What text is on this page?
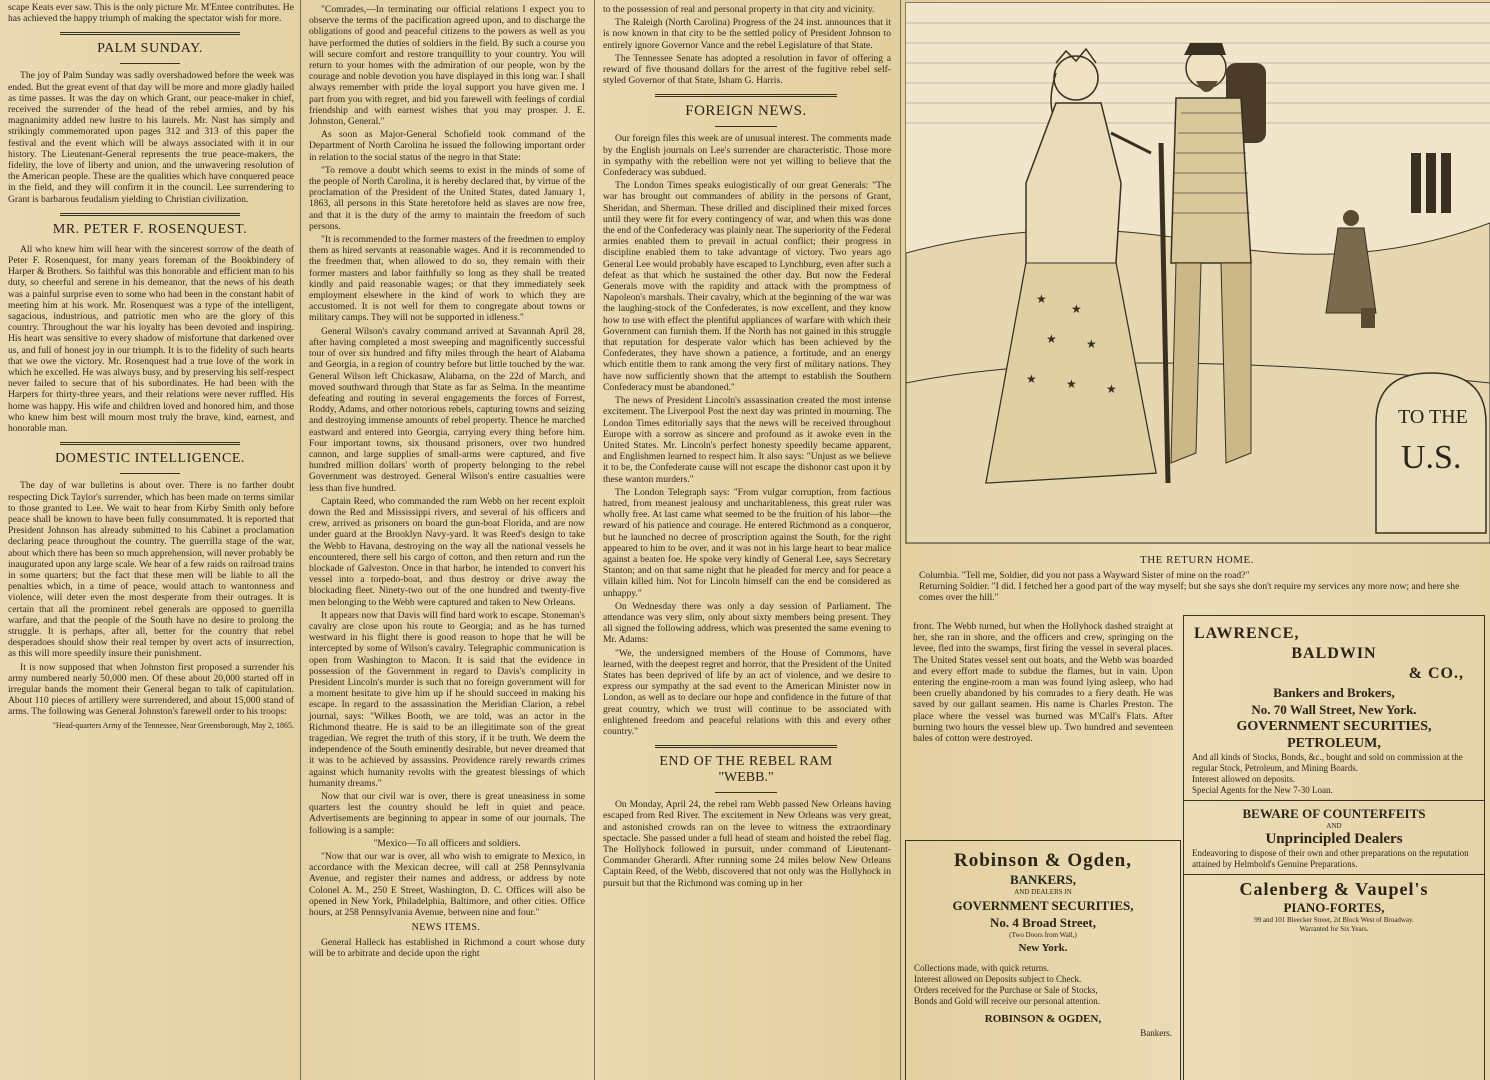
scape Keats ever saw. This is the only picture Mr. M'Entee contributes. He has achieved the happy triumph of making the spectator wish for more.

PALM SUNDAY.

The joy of Palm Sunday was sadly overshadowed before the week was ended. But the great event of that day will be more and more gladly hailed as time passes. It was the day on which Grant, our peace-maker in chief, received the surrender of the head of the rebel armies, and by his magnanimity added new lustre to his laurels. Mr. Nast has simply and strikingly commemorated upon pages 312 and 313 of this paper the festival and the event which will be always associated with it in our history. The Lieutenant-General represents the true peace-makers, the fidelity, the love of liberty and union, and the unwavering resolution of the American people. These are the qualities which have conquered peace in the field, and they will confirm it in the council. Lee surrendering to Grant is barbarous feudalism yielding to Christian civilization.

MR. PETER F. ROSENQUEST.

All who knew him will hear with the sincerest sorrow of the death of Peter F. Rosenquest, for many years foreman of the Bookbindery of Harper & Brothers. So faithful was this honorable and efficient man to his duty, so cheerful and serene in his demeanor, that the news of his death was a painful surprise even to some who had been in the constant habit of meeting him at his work. Mr. Rosenquest was a type of the intelligent, sagacious, industrious, and patriotic men who are the glory of this country. Throughout the war his loyalty has been devoted and inspiring. His heart was sensitive to every shadow of misfortune that darkened over us, and full of honest joy in our triumph. It is to the fidelity of such hearts that we owe the victory. Mr. Rosenquest had a true love of the work in which he excelled. He was always busy, and by preserving his self-respect never failed to secure that of his subordinates. He had been with the Harpers for thirty-three years, and their relations were never ruffled. His home was happy. His wife and children loved and honored him, and those who knew him best will mourn most truly the brave, kind, earnest, and honorable man.

DOMESTIC INTELLIGENCE.

The day of war bulletins is about over. There is no farther doubt respecting Dick Taylor's surrender, which has been made on terms similar to those granted to Lee. We wait to hear from Kirby Smith only before peace shall be known to have been fully consummated. It is reported that President Johnson has already submitted to his Cabinet a proclamation declaring peace throughout the country. The guerrilla stage of the war, about which there has been so much apprehension, will never probably be inaugurated upon any large scale. We hear of a few raids on railroad trains in some quarters; but the fact that these men will be liable to all the penalties which, in a time of peace, would attach to wantonness and violence, will deter even the most desperate from their outrages. It is certain that all the prominent rebel generals are opposed to guerrilla warfare, and that the people of the South have no desire to prolong the struggle. It is perhaps, after all, better for the country that rebel desperadoes should show their real temper by overt acts of insurrection, as this will more speedily insure their punishment.

It is now supposed that when Johnston first proposed a surrender his army numbered nearly 50,000 men. Of these about 20,000 started off in irregular bands the moment their General began to talk of capitulation. About 110 pieces of artillery were surrendered, and about 15,000 stand of arms. The following was General Johnston's farewell order to his troops:

"Head-quarters Army of the Tennessee, Near Greensborough, May 2, 1865.

"Comrades,—In terminating our official relations I expect you to observe the terms of the pacification agreed upon, and to discharge the obligations of good and peaceful citizens to the powers as well as you have performed the duties of soldiers in the field. By such a course you will secure comfort and restore tranquillity to your country. You will return to your homes with the admiration of our people, won by the courage and noble devotion you have displayed in this long war. I shall always remember with pride the loyal support you have given me. I part from you with regret, and bid you farewell with feelings of cordial friendship and with earnest wishes that you may prosper. J. E. Johnston, General."

As soon as Major-General Schofield took command of the Department of North Carolina he issued the following important order in relation to the social status of the negro in that State:

"To remove a doubt which seems to exist in the minds of some of the people of North Carolina, it is hereby declared that, by virtue of the proclamation of the President of the United States, dated January 1, 1863, all persons in this State heretofore held as slaves are now free, and that it is the duty of the army to maintain the freedom of such persons.

"It is recommended to the former masters of the freedmen to employ them as hired servants at reasonable wages. And it is recommended to the freedmen that, when allowed to do so, they remain with their former masters and labor faithfully so long as they shall be treated kindly and paid reasonable wages; or that they immediately seek employment elsewhere in the kind of work to which they are accustomed. It is not well for them to congregate about towns or military camps. They will not be supported in idleness."

General Wilson's cavalry command arrived at Savannah April 28, after having completed a most sweeping and magnificently successful tour of over six hundred and fifty miles through the heart of Alabama and Georgia, in a region of country before but little touched by the war. General Wilson left Chickasaw, Alabama, on the 22d of March, and moved southward through that State as far as Selma. In the meantime defeating and routing in several engagements the forces of Forrest, Roddy, Adams, and other notorious rebels, capturing towns and seizing and destroying immense amounts of rebel property. Thence he marched eastward and entered into Georgia, carrying every thing before him. Four important towns, six thousand prisoners, over two hundred cannon, and large supplies of small-arms were captured, and five hundred million dollars' worth of property belonging to the rebel Government was destroyed. General Wilson's entire casualties were less than five hundred.

Captain Reed, who commanded the ram Webb on her recent exploit down the Red and Mississippi rivers, and several of his officers and crew, arrived as prisoners on board the gun-boat Florida, and are now under guard at the Brooklyn Navy-yard. It was Reed's design to take the Webb to Havana, destroying on the way all the national vessels he encountered, there sell his cargo of cotton, and then return and run the blockade of Galveston. Once in that harbor, he intended to convert his vessel into a torpedo-boat, and thus destroy or drive away the blockading fleet. Ninety-two out of the one hundred and twenty-five men belonging to the Webb were captured and taken to New Orleans.

It appears now that Davis will find hard work to escape. Stoneman's cavalry are close upon his route to Georgia; and as he has turned westward in his flight there is good reason to hope that he will be intercepted by some of Wilson's cavalry. Telegraphic communication is open from Washington to Macon. It is said that the evidence in possession of the Government in regard to Davis's complicity in President Lincoln's murder is such that no foreign government will for a moment hesitate to give him up if he should succeed in making his escape. In regard to the assassination the Meridian Clarion, a rebel journal, says: "Wilkes Booth, we are told, was an actor in the Richmond theatre. He is said to be an illegitimate son of the great tragedian. We regret the truth of this story, if it be truth. We deem the independence of the South eminently desirable, but never dreamed that it was to be achieved by assassins. Providence rarely rewards crimes against which humanity revolts with the greatest blessings of which humanity dreams."

Now that our civil war is over, there is great uneasiness in some quarters lest the country should be left in quiet and peace. Advertisements are beginning to appear in some of our journals. The following is a sample:

"Mexico—To all officers and soldiers.

"Now that our war is over, all who wish to emigrate to Mexico, in accordance with the Mexican decree, will call at 258 Pennsylvania Avenue, and register their names and address, or address by note Colonel A. M., 250 E Street, Washington, D. C. Offices will also be opened in New York, Philadelphia, Baltimore, and other cities. Office hours, at 258 Pennsylvania Avenue, between nine and four."

NEWS ITEMS.

General Halleck has established in Richmond a court whose duty will be to arbitrate and decide upon the right

to the possession of real and personal property in that city and vicinity.

The Raleigh (North Carolina) Progress of the 24 inst. announces that it is now known in that city to be the settled policy of President Johnson to entirely ignore Governor Vance and the rebel Legislature of that State.

The Tennessee Senate has adopted a resolution in favor of offering a reward of five thousand dollars for the arrest of the fugitive rebel self-styled Governor of that State, Isham G. Harris.

FOREIGN NEWS.

Our foreign files this week are of unusual interest. The comments made by the English journals on Lee's surrender are characteristic. Those more in sympathy with the rebellion were not yet willing to believe that the Confederacy was subdued.

The London Times speaks eulogistically of our great Generals: "The war has brought out commanders of ability in the persons of Grant, Sheridan, and Sherman. These drilled and disciplined their mixed forces until they were fit for every contingency of war, and when this was done the end of the Confederacy was plainly near. The superiority of the Federal armies enabled them to prevail in actual conflict; their progress in discipline enabled them to take advantage of victory. Two years ago General Lee would probably have escaped to Lynchburg, even after such a defeat as that which he sustained the other day. But now the Federal Generals move with the rapidity and attack with the promptness of Napoleon's marshals. Their cavalry, which at the beginning of the war was the laughing-stock of the Confederates, is now excellent, and they know how to use with effect the plentiful appliances of warfare with which their Government can furnish them. If the North has not gained in this struggle that reputation for desperate valor which has been achieved by the Confederates, they have shown a patience, a fortitude, and an energy which entitle them to rank among the very first of military nations. They have now sufficiently shown that the attempt to establish the Southern Confederacy must be abandoned."

The news of President Lincoln's assassination created the most intense excitement. The Liverpool Post the next day was printed in mourning. The London Times editorially says that the news will be received throughout Europe with a sorrow as sincere and profound as it awoke even in the United States. Mr. Lincoln's perfect honesty speedily became apparent, and Englishmen learned to respect him. It also says: "Unjust as we believe it to be, the Confederate cause will not escape the dishonor cast upon it by these wanton murders."

The London Telegraph says: "From vulgar corruption, from factious hatred, from meanest jealousy and uncharitableness, this great ruler was wholly free. At last came what seemed to be the fruition of his labor—the reward of his patience and courage. He entered Richmond as a conqueror, but he launched no decree of proscription against the South, for the right appeared to him to be over, and it was not in his large heart to bear malice against a beaten foe. He spoke very kindly of General Lee, says Secretary Stanton; and on that same night that he pleaded for mercy and for peace a villain killed him. Not for Lincoln himself can the end be considered as unhappy."

On Wednesday there was only a day session of Parliament. The attendance was very slim, only about sixty members being present. They all signed the following address, which was presented the same evening to Mr. Adams:

"We, the undersigned members of the House of Commons, have learned, with the deepest regret and horror, that the President of the United States has been deprived of life by an act of violence, and we desire to express our sympathy at the sad event to the American Minister now in London, as well as to declare our hope and confidence in the future of that great country, which we trust will continue to be associated with enlightened freedom and peaceful relations with this and every other country."

END OF THE REBEL RAM
"WEBB."

On Monday, April 24, the rebel ram Webb passed New Orleans having escaped from Red River. The excitement in New Orleans was very great, and astonished crowds ran on the levee to witness the extraordinary spectacle. She passed under a full head of steam and hoisted the rebel flag. The Hollyhock followed in pursuit, under command of Lieutenant-Commander Gherardi. After running some 24 miles below New Orleans Captain Reed, of the Webb, discovered that not only was the Hollyhock in pursuit but that the Richmond was coming up in her

★
★
★ ★
★ ★ ★
TO THE
U.S.
THE RETURN HOME.
Columbia. "Tell me, Soldier, did you not pass a Wayward Sister of mine on the road?"
Returning Soldier. "I did. I fetched her a good part of the way myself; but she says she don't require my services any more now; and here she comes over the hill."

front. The Webb turned, but when the Hollyhock dashed straight at her, she ran in shore, and the officers and crew, springing on the levee, fled into the swamps, first firing the vessel in several places. The United States vessel sent out boats, and the Webb was boarded and every effort made to subdue the flames, but in vain. Upon entering the engine-room a man was found lying asleep, who had been cruelly abandoned by his comrades to a fiery death. He was saved by our gallant seamen. His name is Charles Preston. The place where the vessel was burned was M'Call's Flats. After burning two hours the vessel blew up. Two hundred and seventeen bales of cotton were destroyed.

Robinson & Ogden,
BANKERS,
AND DEALERS IN
GOVERNMENT SECURITIES,
No. 4 Broad Street,
(Two Doors from Wall,)
New York.
Collections made, with quick returns.
Interest allowed on Deposits subject to Check.
Orders received for the Purchase or Sale of Stocks,
Bonds and Gold will receive our personal attention.
ROBINSON & OGDEN,
Bankers.
LAWRENCE,
BALDWIN
& CO.,
Bankers and Brokers,
No. 70 Wall Street, New York.
GOVERNMENT SECURITIES,
PETROLEUM,
And all kinds of Stocks, Bonds, &c., bought and sold on commission at the regular Stock, Petroleum, and Mining Boards.
Interest allowed on deposits.
Special Agents for the New 7-30 Loan.
BEWARE OF COUNTERFEITS
AND
Unprincipled Dealers
Endeavoring to dispose of their own and other preparations on the reputation attained by Helmbold's Genuine Preparations.
Calenberg & Vaupel's
PIANO-FORTES,
99 and 101 Bleecker Street, 2d Block West of Broadway.
Warranted for Six Years.
